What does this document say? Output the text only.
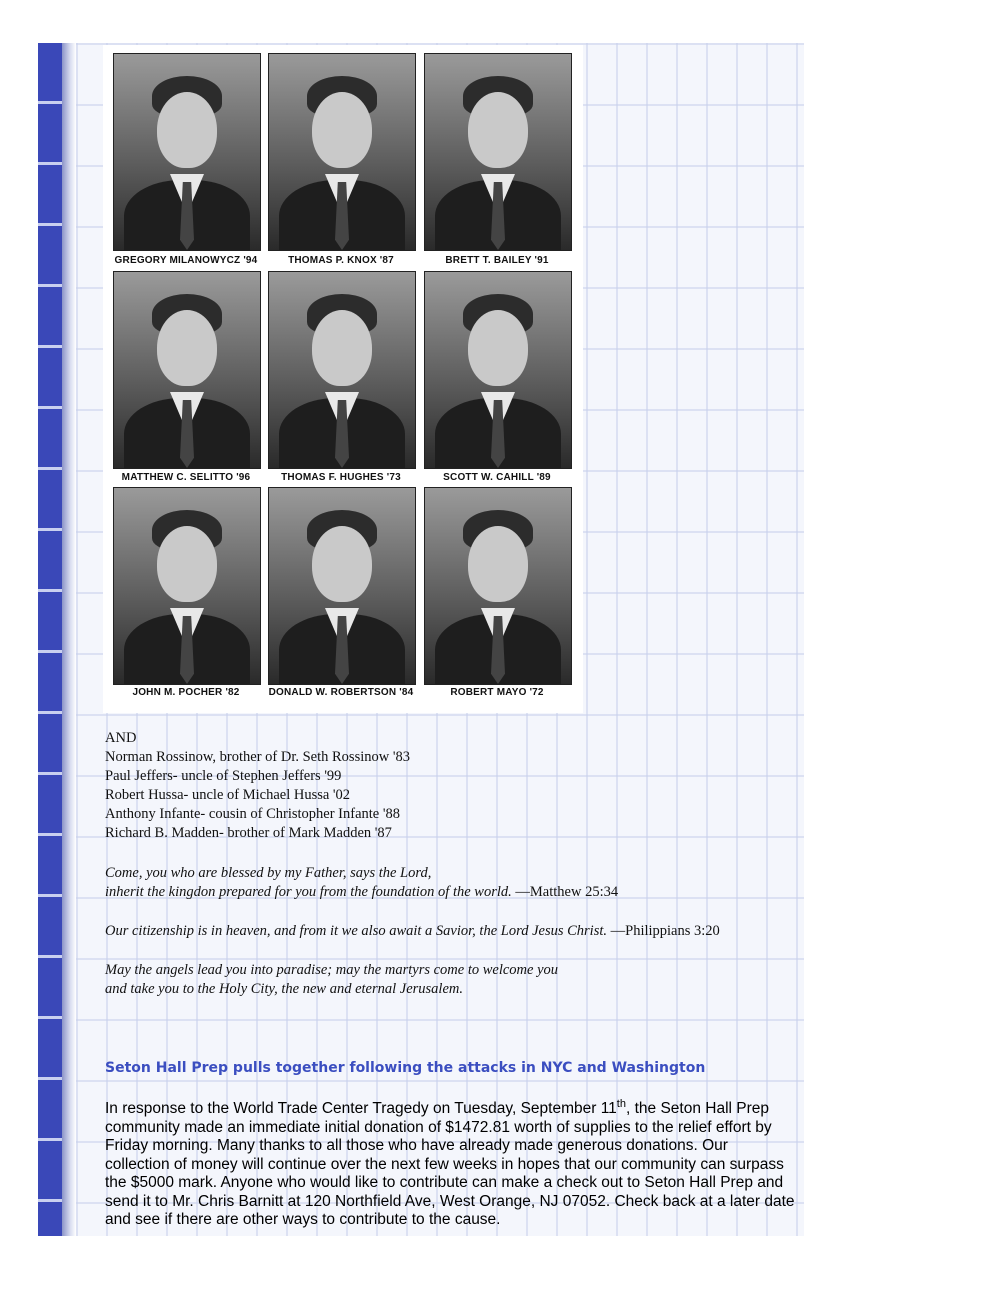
GREGORY MILANOWYCZ '94	THOMAS P. KNOX '87	BRETT T. BAILEY '91
MATTHEW C. SELITTO '96	THOMAS F. HUGHES '73	SCOTT W. CAHILL '89
JOHN M. POCHER '82	DONALD W. ROBERTSON '84	ROBERT MAYO '72
AND
Norman Rossinow, brother of Dr. Seth Rossinow '83
Paul Jeffers- uncle of Stephen Jeffers '99
Robert Hussa- uncle of Michael Hussa '02
Anthony Infante- cousin of Christopher Infante '88
Richard B. Madden- brother of Mark Madden '87
Come, you who are blessed by my Father, says the Lord,
inherit the kingdon prepared for you from the foundation of the world. —Matthew 25:34
Our citizenship is in heaven, and from it we also await a Savior, the Lord Jesus Christ. —Philippians 3:20
May the angels lead you into paradise; may the martyrs come to welcome you
and take you to the Holy City, the new and eternal Jerusalem.
Seton Hall Prep pulls together following the attacks in NYC and Washington
In response to the World Trade Center Tragedy on Tuesday, September 11th, the Seton Hall Prep community made an immediate initial donation of $1472.81 worth of supplies to the relief effort by Friday morning. Many thanks to all those who have already made generous donations. Our collection of money will continue over the next few weeks in hopes that our community can surpass the $5000 mark. Anyone who would like to contribute can make a check out to Seton Hall Prep and send it to Mr. Chris Barnitt at 120 Northfield Ave, West Orange, NJ 07052. Check back at a later date and see if there are other ways to contribute to the cause.
